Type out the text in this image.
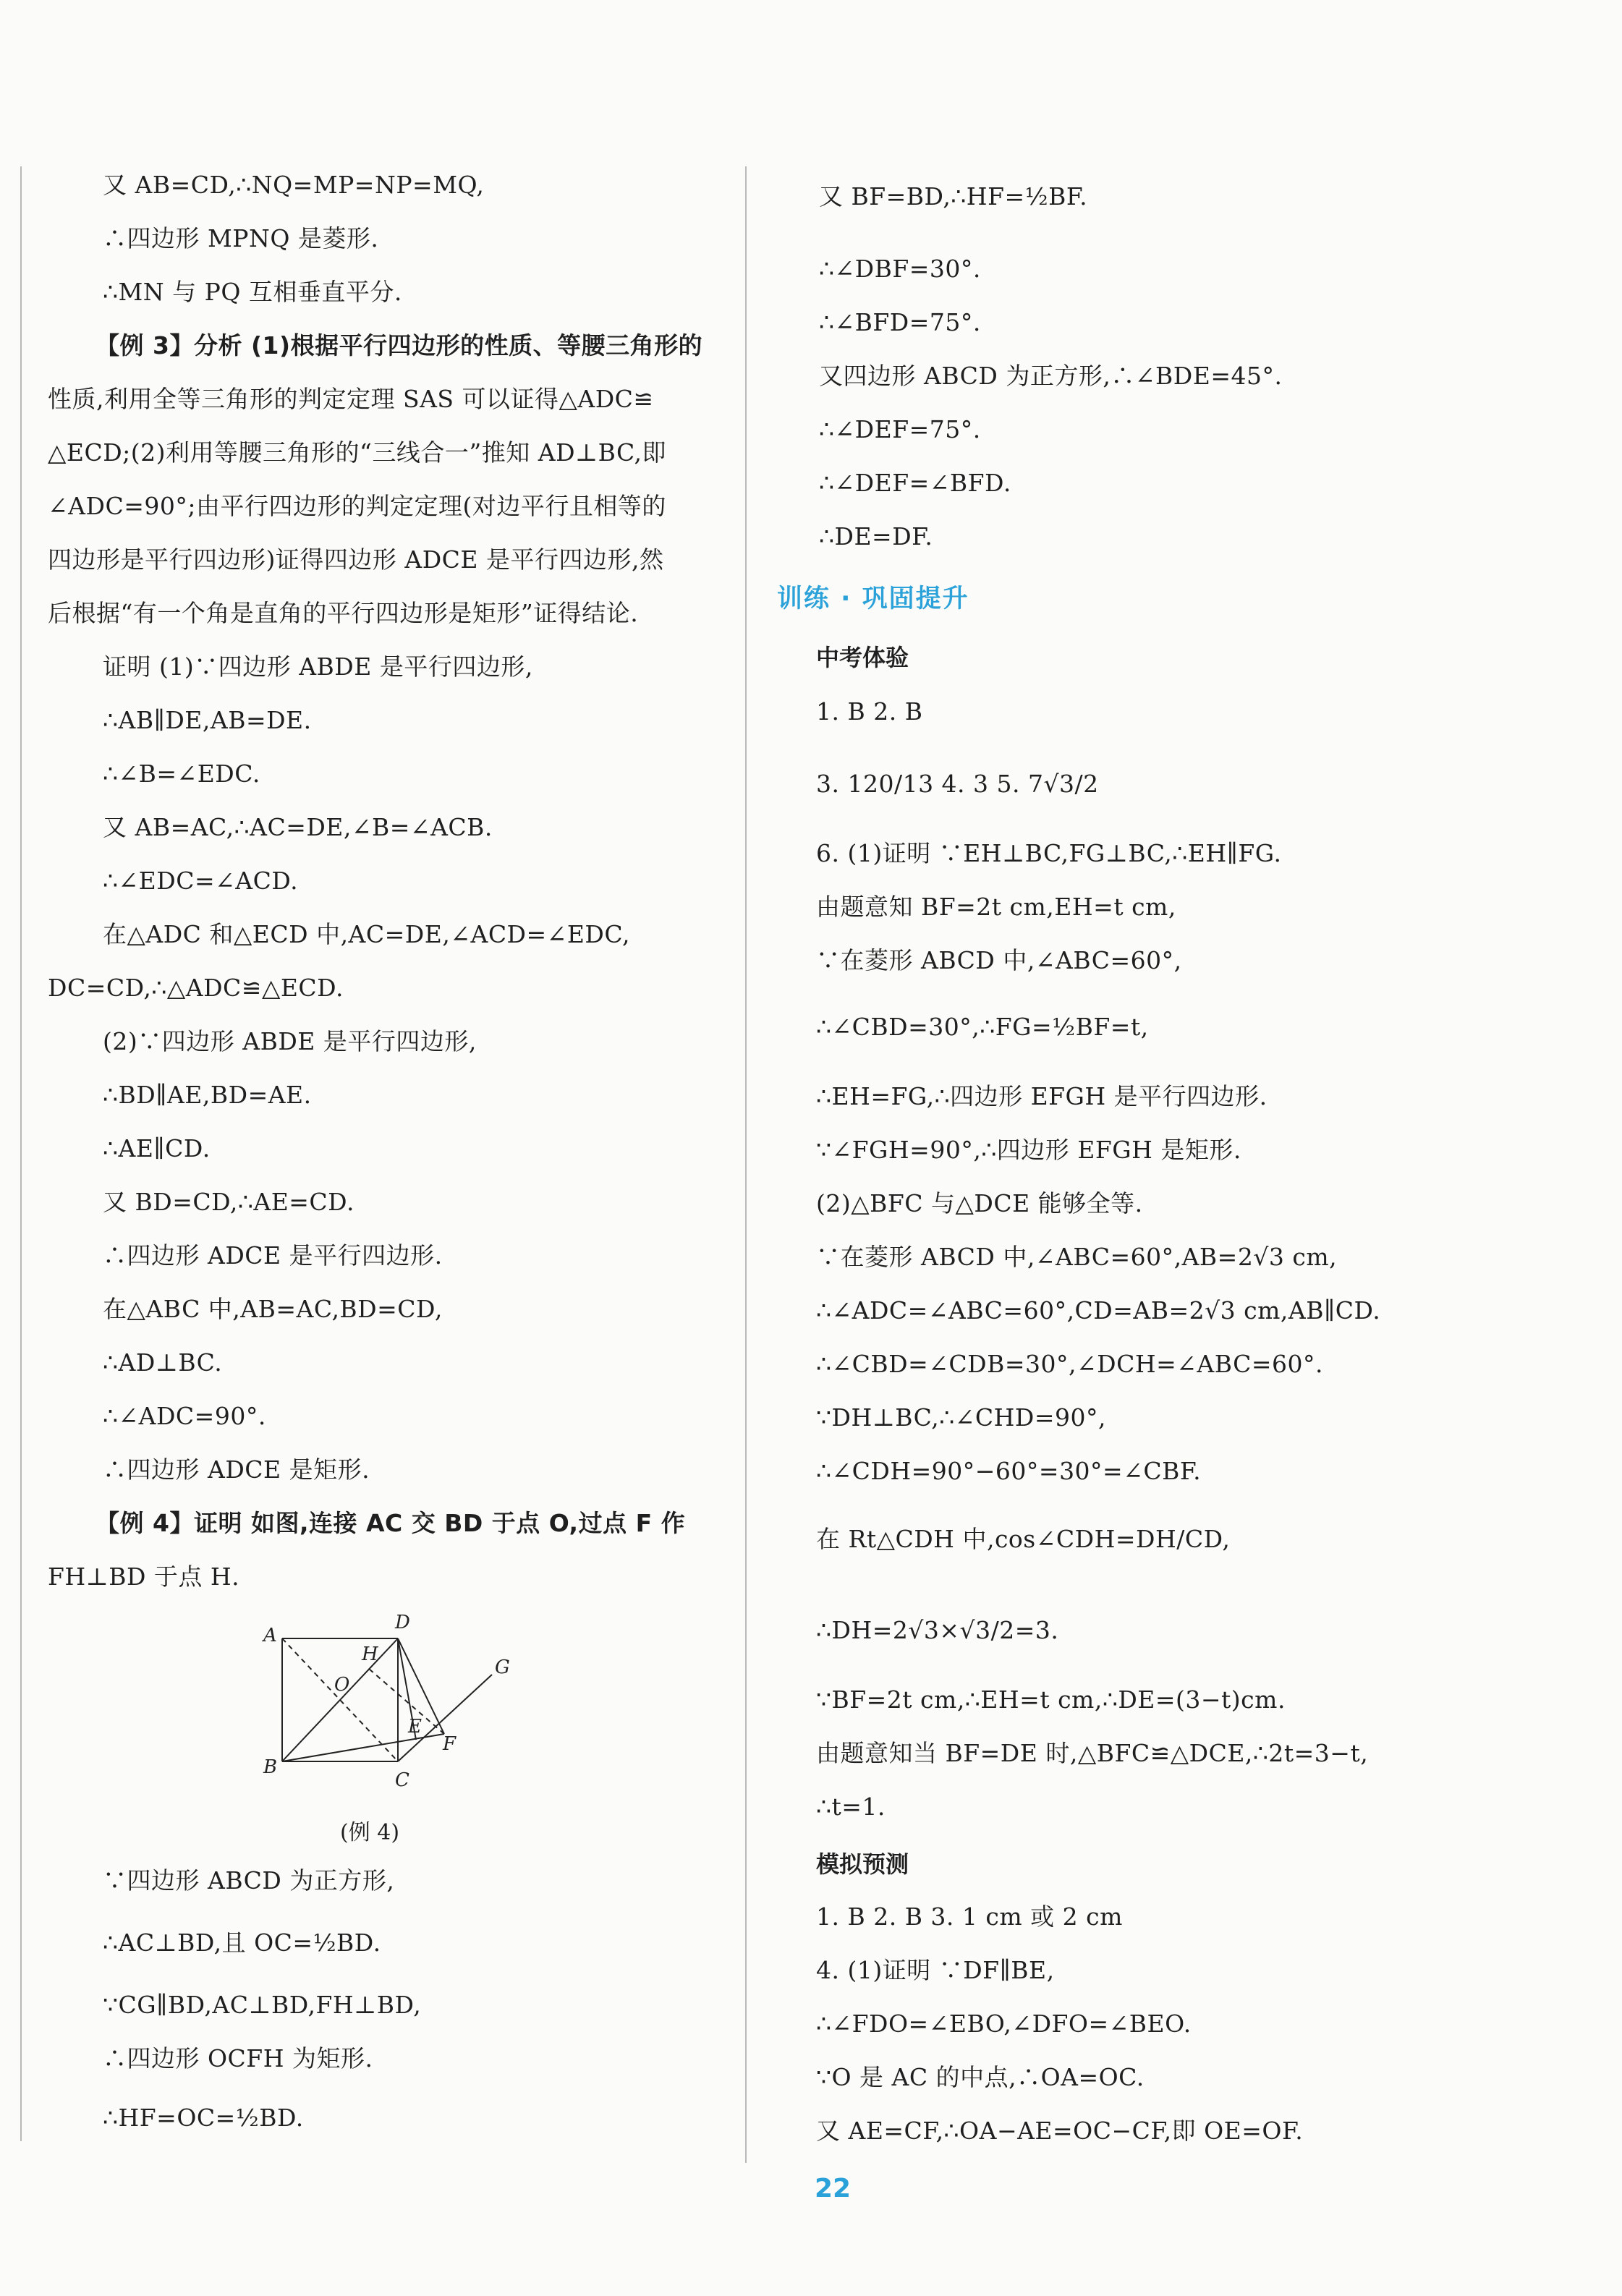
又 AB=CD,∴NQ=MP=NP=MQ,
∴四边形 MPNQ 是菱形.
∴MN 与 PQ 互相垂直平分.
【例 3】分析 (1)根据平行四边形的性质、等腰三角形的
性质,利用全等三角形的判定定理 SAS 可以证得△ADC≌
△ECD;(2)利用等腰三角形的“三线合一”推知 AD⊥BC,即
∠ADC=90°;由平行四边形的判定定理(对边平行且相等的
四边形是平行四边形)证得四边形 ADCE 是平行四边形,然
后根据“有一个角是直角的平行四边形是矩形”证得结论.
证明 (1)∵四边形 ABDE 是平行四边形,
∴AB∥DE,AB=DE.
∴∠B=∠EDC.
又 AB=AC,∴AC=DE,∠B=∠ACB.
∴∠EDC=∠ACD.
在△ADC 和△ECD 中,AC=DE,∠ACD=∠EDC,
DC=CD,∴△ADC≌△ECD.
(2)∵四边形 ABDE 是平行四边形,
∴BD∥AE,BD=AE.
∴AE∥CD.
又 BD=CD,∴AE=CD.
∴四边形 ADCE 是平行四边形.
在△ABC 中,AB=AC,BD=CD,
∴AD⊥BC.
∴∠ADC=90°.
∴四边形 ADCE 是矩形.
【例 4】证明 如图,连接 AC 交 BD 于点 O,过点 F 作
FH⊥BD 于点 H.
∵四边形 ABCD 为正方形,
∴AC⊥BD,且 OC=½BD.
∵CG∥BD,AC⊥BD,FH⊥BD,
∴四边形 OCFH 为矩形.
∴HF=OC=½BD.
A
B
C
D
E
F
G
H
O
(例 4)
又 BF=BD,∴HF=½BF.
∴∠DBF=30°.
∴∠BFD=75°.
又四边形 ABCD 为正方形,∴∠BDE=45°.
∴∠DEF=75°.
∴∠DEF=∠BFD.
∴DE=DF.
中考体验
1. B 2. B
3. 120/13 4. 3 5. 7√3/2
6. (1)证明 ∵EH⊥BC,FG⊥BC,∴EH∥FG.
由题意知 BF=2t cm,EH=t cm,
∵在菱形 ABCD 中,∠ABC=60°,
∴∠CBD=30°,∴FG=½BF=t,
∴EH=FG,∴四边形 EFGH 是平行四边形.
∵∠FGH=90°,∴四边形 EFGH 是矩形.
(2)△BFC 与△DCE 能够全等.
∵在菱形 ABCD 中,∠ABC=60°,AB=2√3 cm,
∴∠ADC=∠ABC=60°,CD=AB=2√3 cm,AB∥CD.
∴∠CBD=∠CDB=30°,∠DCH=∠ABC=60°.
∵DH⊥BC,∴∠CHD=90°,
∴∠CDH=90°−60°=30°=∠CBF.
在 Rt△CDH 中,cos∠CDH=DH/CD,
∴DH=2√3×√3/2=3.
∵BF=2t cm,∴EH=t cm,∴DE=(3−t)cm.
由题意知当 BF=DE 时,△BFC≌△DCE,∴2t=3−t,
∴t=1.
模拟预测
1. B 2. B 3. 1 cm 或 2 cm
4. (1)证明 ∵DF∥BE,
∴∠FDO=∠EBO,∠DFO=∠BEO.
∵O 是 AC 的中点,∴OA=OC.
又 AE=CF,∴OA−AE=OC−CF,即 OE=OF.
训练 · 巩固提升
22
